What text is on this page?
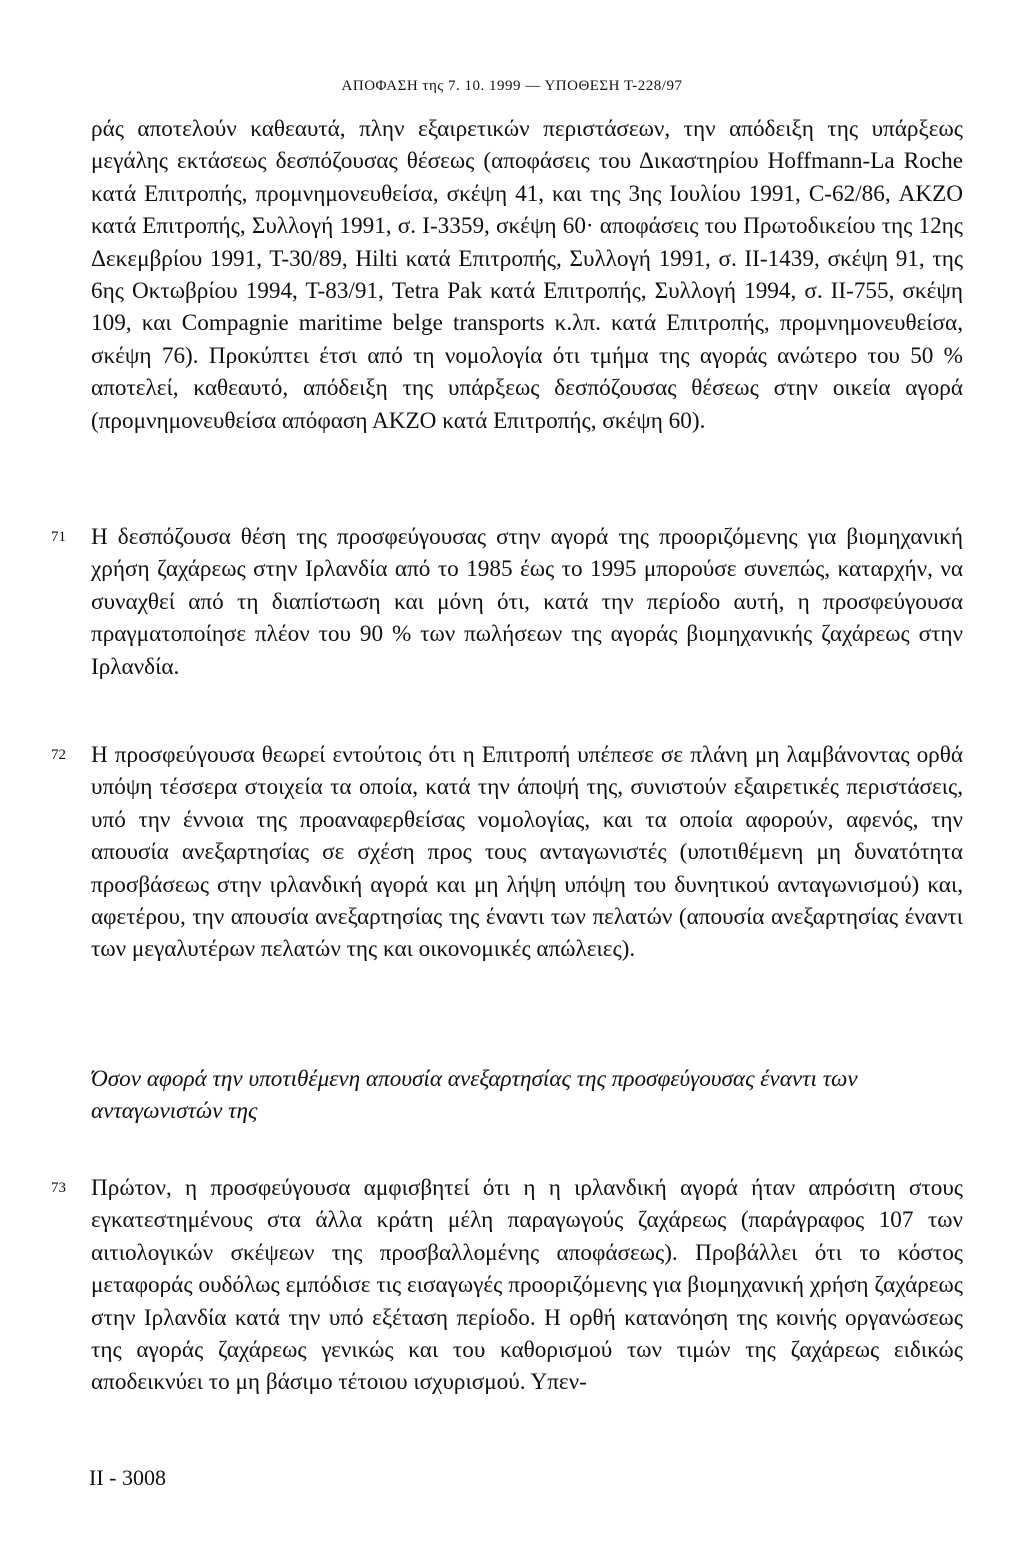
ΑΠΟΦΑΣΗ της 7. 10. 1999 — ΥΠΟΘΕΣΗ Τ-228/97

ράς αποτελούν καθεαυτά, πλην εξαιρετικών περιστάσεων, την απόδειξη της υπάρξεως μεγάλης εκτάσεως δεσπόζουσας θέσεως (αποφάσεις του Δικαστηρίου Hoffmann-La Roche κατά Επιτροπής, προμνημονευθείσα, σκέψη 41, και της 3ης Ιουλίου 1991, C-62/86, ΑΚΖΟ κατά Επιτροπής, Συλλογή 1991, σ. Ι-3359, σκέψη 60· αποφάσεις του Πρωτοδικείου της 12ης Δεκεμβρίου 1991, Τ-30/89, Hilti κατά Επιτροπής, Συλλογή 1991, σ. II-1439, σκέψη 91, της 6ης Οκτωβρίου 1994, Τ-83/91, Tetra Pak κατά Επιτροπής, Συλλογή 1994, σ. II-755, σκέψη 109, και Compagnie maritime belge transports κ.λπ. κατά Επιτροπής, προμνημονευθείσα, σκέψη 76). Προκύπτει έτσι από τη νομολογία ότι τμήμα της αγοράς ανώτερο του 50 % αποτελεί, καθεαυτό, απόδειξη της υπάρξεως δεσπόζουσας θέσεως στην οικεία αγορά (προμνημονευθείσα απόφαση ΑΚΖΟ κατά Επιτροπής, σκέψη 60).

71 Η δεσπόζουσα θέση της προσφεύγουσας στην αγορά της προοριζόμενης για βιομηχανική χρήση ζαχάρεως στην Ιρλανδία από το 1985 έως το 1995 μπορούσε συνεπώς, καταρχήν, να συναχθεί από τη διαπίστωση και μόνη ότι, κατά την περίοδο αυτή, η προσφεύγουσα πραγματοποίησε πλέον του 90 % των πωλήσεων της αγοράς βιομηχανικής ζαχάρεως στην Ιρλανδία.

72 Η προσφεύγουσα θεωρεί εντούτοις ότι η Επιτροπή υπέπεσε σε πλάνη μη λαμβάνοντας ορθά υπόψη τέσσερα στοιχεία τα οποία, κατά την άποψή της, συνιστούν εξαιρετικές περιστάσεις, υπό την έννοια της προαναφερθείσας νομολογίας, και τα οποία αφορούν, αφενός, την απουσία ανεξαρτησίας σε σχέση προς τους ανταγωνιστές (υποτιθέμενη μη δυνατότητα προσβάσεως στην ιρλανδική αγορά και μη λήψη υπόψη του δυνητικού ανταγωνισμού) και, αφετέρου, την απουσία ανεξαρτησίας της έναντι των πελατών (απουσία ανεξαρτησίας έναντι των μεγαλυτέρων πελατών της και οικονομικές απώλειες).

Όσον αφορά την υποτιθέμενη απουσία ανεξαρτησίας της προσφεύγουσας έναντι των ανταγωνιστών της
73 Πρώτον, η προσφεύγουσα αμφισβητεί ότι η η ιρλανδική αγορά ήταν απρόσιτη στους εγκατεστημένους στα άλλα κράτη μέλη παραγωγούς ζαχάρεως (παράγραφος 107 των αιτιολογικών σκέψεων της προσβαλλομένης αποφάσεως). Προβάλλει ότι το κόστος μεταφοράς ουδόλως εμπόδισε τις εισαγωγές προοριζόμενης για βιομηχανική χρήση ζαχάρεως στην Ιρλανδία κατά την υπό εξέταση περίοδο. Η ορθή κατανόηση της κοινής οργανώσεως της αγοράς ζαχάρεως γενικώς και του καθορισμού των τιμών της ζαχάρεως ειδικώς αποδεικνύει το μη βάσιμο τέτοιου ισχυρισμού. Υπεν-

II - 3008
